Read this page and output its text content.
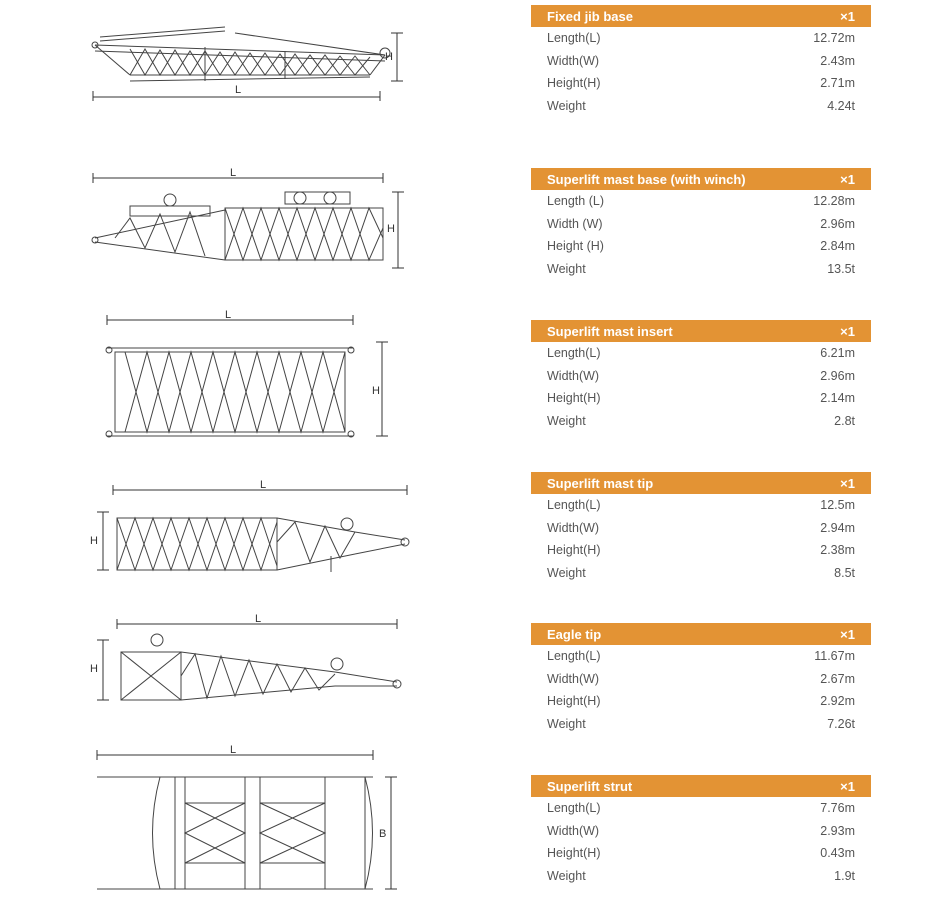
L
H
L
H
L
H
L
H
L
H
L
B
Fixed jib base	×1
Length(L)	12.72m
Width(W)	2.43m
Height(H)	2.71m
Weight	4.24t
Superlift mast base (with winch)	×1
Length (L)	12.28m
Width (W)	2.96m
Height (H)	2.84m
Weight	13.5t
Superlift mast insert	×1
Length(L)	6.21m
Width(W)	2.96m
Height(H)	2.14m
Weight	2.8t
Superlift mast tip	×1
Length(L)	12.5m
Width(W)	2.94m
Height(H)	2.38m
Weight	8.5t
Eagle tip	×1
Length(L)	11.67m
Width(W)	2.67m
Height(H)	2.92m
Weight	7.26t
Superlift strut	×1
Length(L)	7.76m
Width(W)	2.93m
Height(H)	0.43m
Weight	1.9t
